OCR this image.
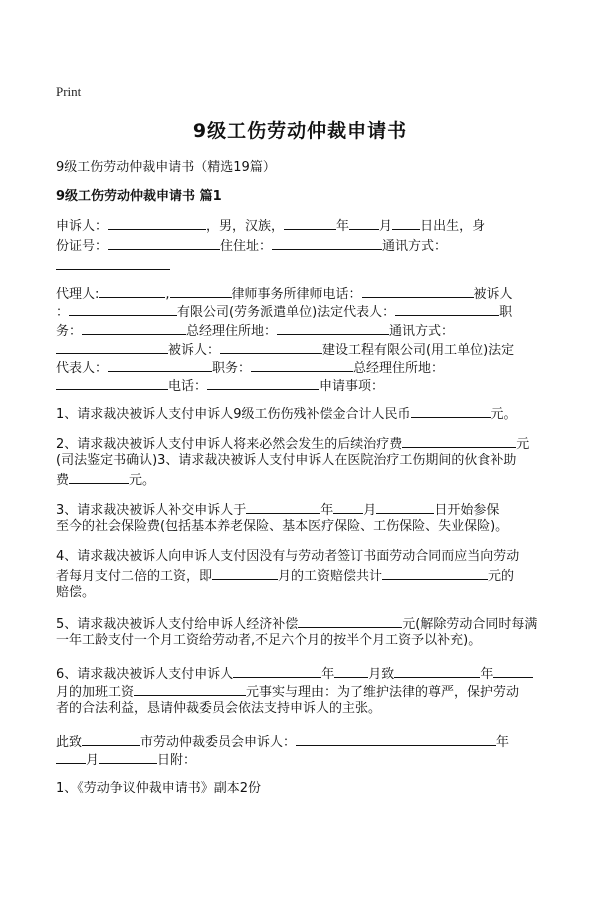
Print
9级工伤劳动仲裁申请书
9级工伤劳动仲裁申请书（精选19篇）
9级工伤劳动仲裁申请书 篇1
申诉人：	，男，汉族，	年 月 日出生，身
份证号：	住住址：	通讯方式：
代理人:	,	律师事务所律师电话：	被诉人
：	有限公司(劳务派遣单位)法定代表人：	职
务：	总经理住所地：	通讯方式：
被诉人：	建设工程有限公司(用工单位)法定
代表人：	职务：	总经理住所地：
电话：	申请事项：
1、请求裁决被诉人支付申诉人9级工伤伤残补偿金合计人民币	元。
2、请求裁决被诉人支付申诉人将来必然会发生的后续治疗费	元
(司法鉴定书确认)3、请求裁决被诉人支付申诉人在医院治疗工伤期间的伙食补助
费	元。
3、请求裁决被诉人补交申诉人于	年 月	日开始参保
至今的社会保险费(包括基本养老保险、基本医疗保险、工伤保险、失业保险)。
4、请求裁决被诉人向申诉人支付因没有与劳动者签订书面劳动合同而应当向劳动
者每月支付二倍的工资，即	月的工资赔偿共计	元的
赔偿。
5、请求裁决被诉人支付给申诉人经济补偿	元(解除劳动合同时每满
一年工龄支付一个月工资给劳动者,不足六个月的按半个月工资予以补充)。
6、请求裁决被诉人支付申诉人	年	月致	年
月的加班工资	元事实与理由：为了维护法律的尊严，保护劳动
者的合法利益，恳请仲裁委员会依法支持申诉人的主张。
此致	市劳动仲裁委员会申诉人：	年
月	日附：
1、《劳动争议仲裁申请书》副本2份
